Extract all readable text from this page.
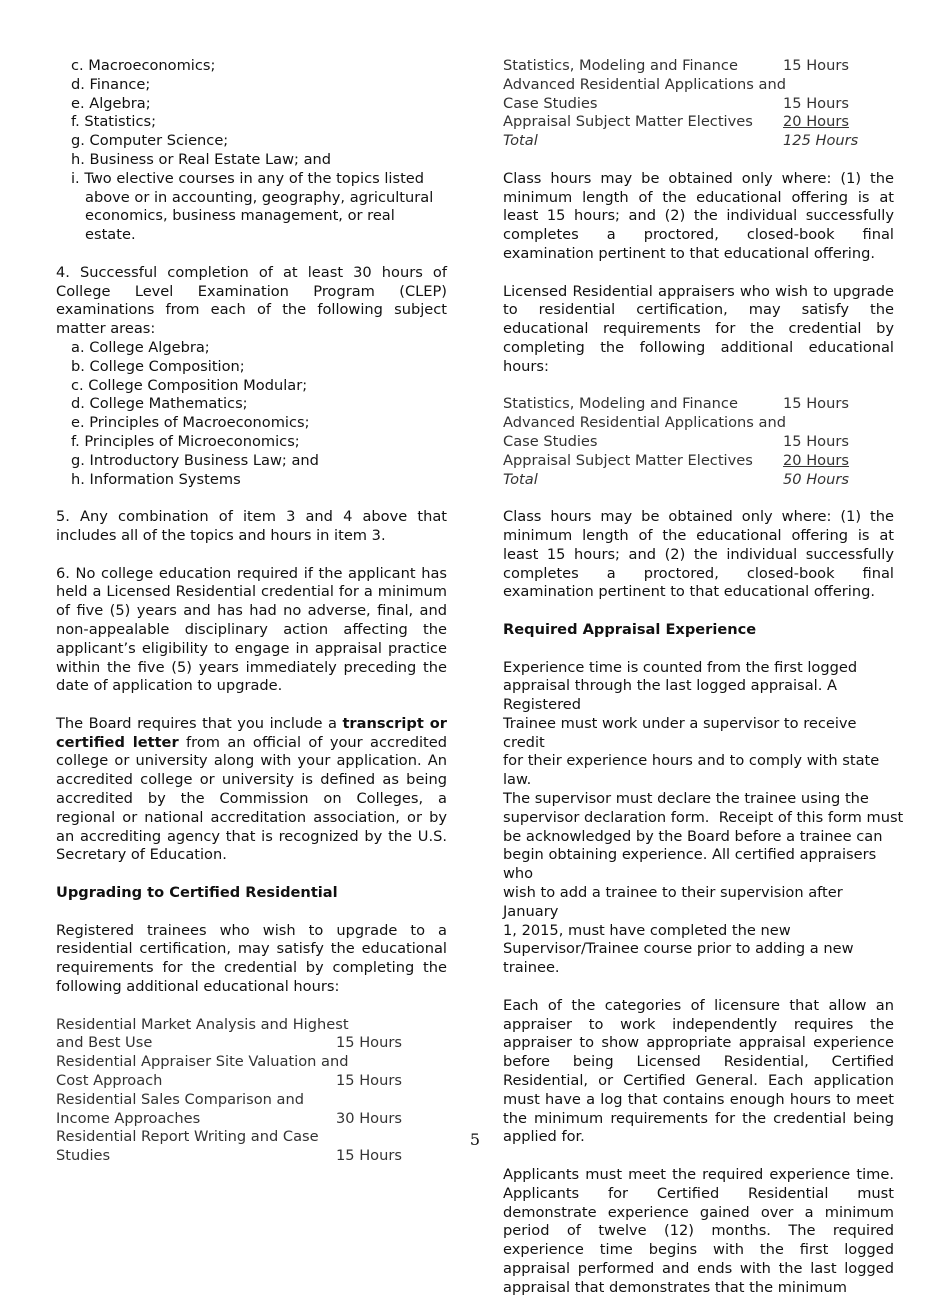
c. Macroeconomics;
d. Finance;
e. Algebra;
f. Statistics;
g. Computer Science;
h. Business or Real Estate Law; and
i. Two elective courses in any of the topics listed above or in accounting, geography, agricultural economics, business management, or real estate.
4. Successful completion of at least 30 hours of College Level Examination Program (CLEP) examinations from each of the following subject matter areas:
a. College Algebra;
b. College Composition;
c. College Composition Modular;
d. College Mathematics;
e. Principles of Macroeconomics;
f. Principles of Microeconomics;
g. Introductory Business Law; and
h. Information Systems

5. Any combination of item 3 and 4 above that includes all of the topics and hours in item 3.

6. No college education required if the applicant has held a Licensed Residential credential for a minimum of five (5) years and has had no adverse, final, and non-appealable disciplinary action affecting the applicant’s eligibility to engage in appraisal practice within the five (5) years immediately preceding the date of application to upgrade.

The Board requires that you include a transcript or certified letter from an official of your accredited college or university along with your application. An accredited college or university is defined as being accredited by the Commission on Colleges, a regional or national accreditation association, or by an accrediting agency that is recognized by the U.S. Secretary of Education.

Upgrading to Certified Residential

Registered trainees who wish to upgrade to a residential certification, may satisfy the educational requirements for the credential by completing the following additional educational hours:

Residential Market Analysis and Highest	
and Best Use	15 Hours
Residential Appraiser Site Valuation and	
Cost Approach	15 Hours
Residential Sales Comparison and	
Income Approaches	30 Hours
Residential Report Writing and Case	
Studies	15 Hours
Statistics, Modeling and Finance	15 Hours
Advanced Residential Applications and	
Case Studies	15 Hours
Appraisal Subject Matter Electives	20 Hours
Total	125 Hours

Class hours may be obtained only where: (1) the minimum length of the educational offering is at least 15 hours; and (2) the individual successfully completes a proctored, closed-book final examination pertinent to that educational offering.

Licensed Residential appraisers who wish to upgrade to residential certification, may satisfy the educational requirements for the credential by completing the following additional educational hours:

Statistics, Modeling and Finance	15 Hours
Advanced Residential Applications and	
Case Studies	15 Hours
Appraisal Subject Matter Electives	20 Hours
Total	50 Hours

Class hours may be obtained only where: (1) the minimum length of the educational offering is at least 15 hours; and (2) the individual successfully completes a proctored, closed-book final examination pertinent to that educational offering.

Required Appraisal Experience

Experience time is counted from the first logged
appraisal through the last logged appraisal. A Registered
Trainee must work under a supervisor to receive credit
for their experience hours and to comply with state law.
The supervisor must declare the trainee using the
supervisor declaration form.  Receipt of this form must
be acknowledged by the Board before a trainee can
begin obtaining experience. All certified appraisers who
wish to add a trainee to their supervision after January
1, 2015, must have completed the new
Supervisor/Trainee course prior to adding a new trainee.

Each of the categories of licensure that allow an appraiser to work independently requires the appraiser to show appropriate appraisal experience before being Licensed Residential, Certified Residential, or Certified General. Each application must have a log that contains enough hours to meet the minimum requirements for the credential being applied for.

Applicants must meet the required experience time. Applicants for Certified Residential must demonstrate experience gained over a minimum period of twelve (12) months. The required experience time begins with the first logged appraisal performed and ends with the last logged appraisal that demonstrates that the minimum

5
